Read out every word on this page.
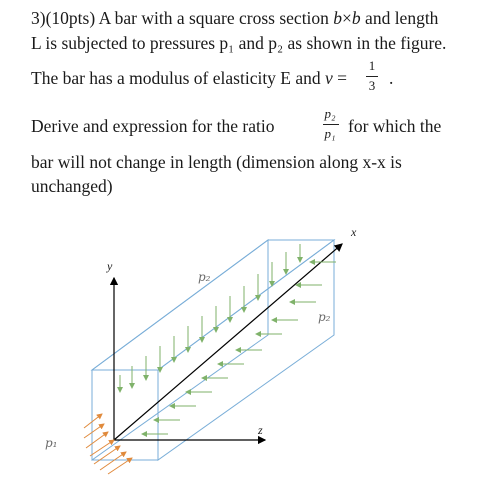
3)(10pts) A bar with a square cross section b×b and length
L is subjected to pressures p₁ and p₂ as shown in the figure.
The bar has a modulus of elasticity E and ν =
1
3 .
Derive and expression for the ratio
p₂
p₁ for which the
bar will not change in length (dimension along x-x is
unchanged)
y
x
z
p₂
p₂
p₁
